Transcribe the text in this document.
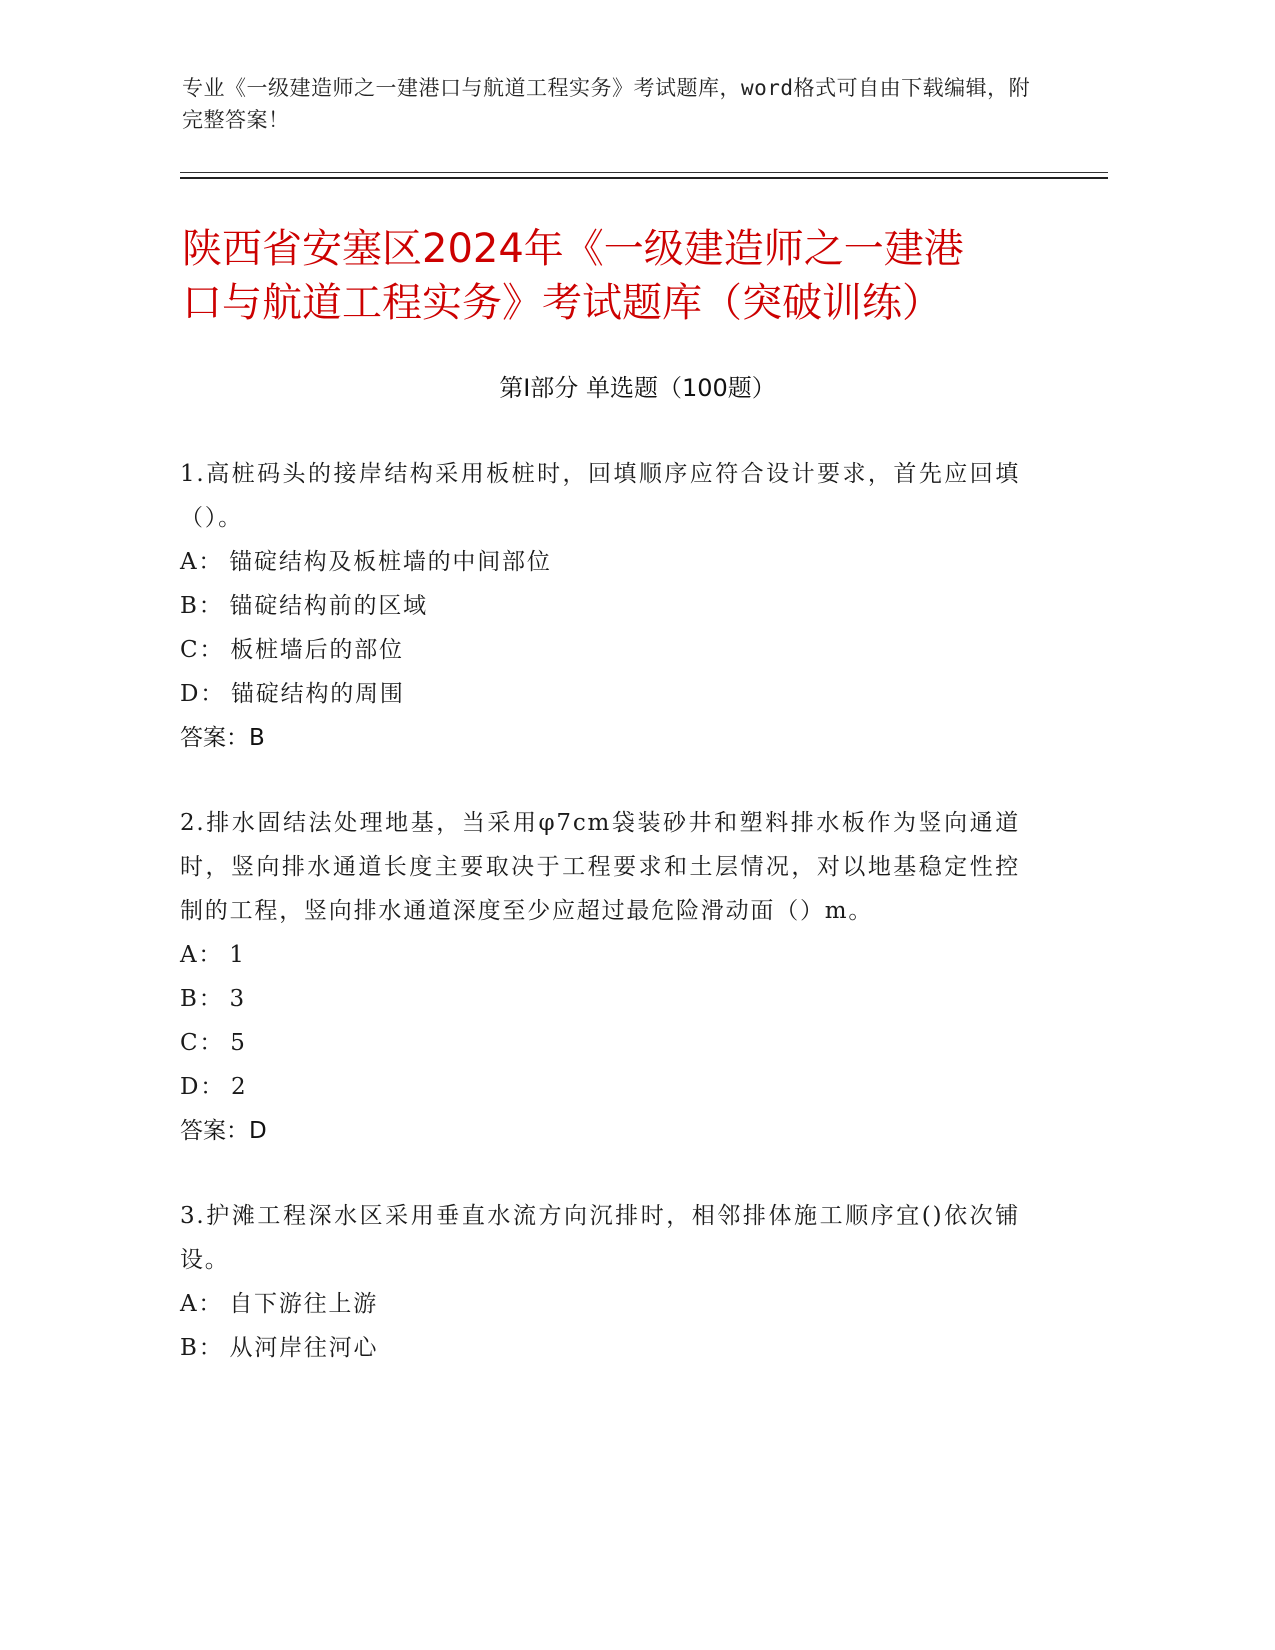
专业《一级建造师之一建港口与航道工程实务》考试题库，word格式可自由下载编辑，附完整答案！
陕西省安塞区2024年《一级建造师之一建港
口与航道工程实务》考试题库（突破训练）
第Ⅰ部分 单选题（100题）
1.高桩码头的接岸结构采用板桩时，回填顺序应符合设计要求，首先应回填（）。
A： 锚碇结构及板桩墙的中间部位
B： 锚碇结构前的区域
C： 板桩墙后的部位
D： 锚碇结构的周围
答案：B
2.排水固结法处理地基，当采用φ7cm袋装砂井和塑料排水板作为竖向通道时，竖向排水通道长度主要取决于工程要求和土层情况，对以地基稳定性控制的工程，竖向排水通道深度至少应超过最危险滑动面（）m。
A： 1
B： 3
C： 5
D： 2
答案：D
3.护滩工程深水区采用垂直水流方向沉排时，相邻排体施工顺序宜()依次铺设。
A： 自下游往上游
B： 从河岸往河心
